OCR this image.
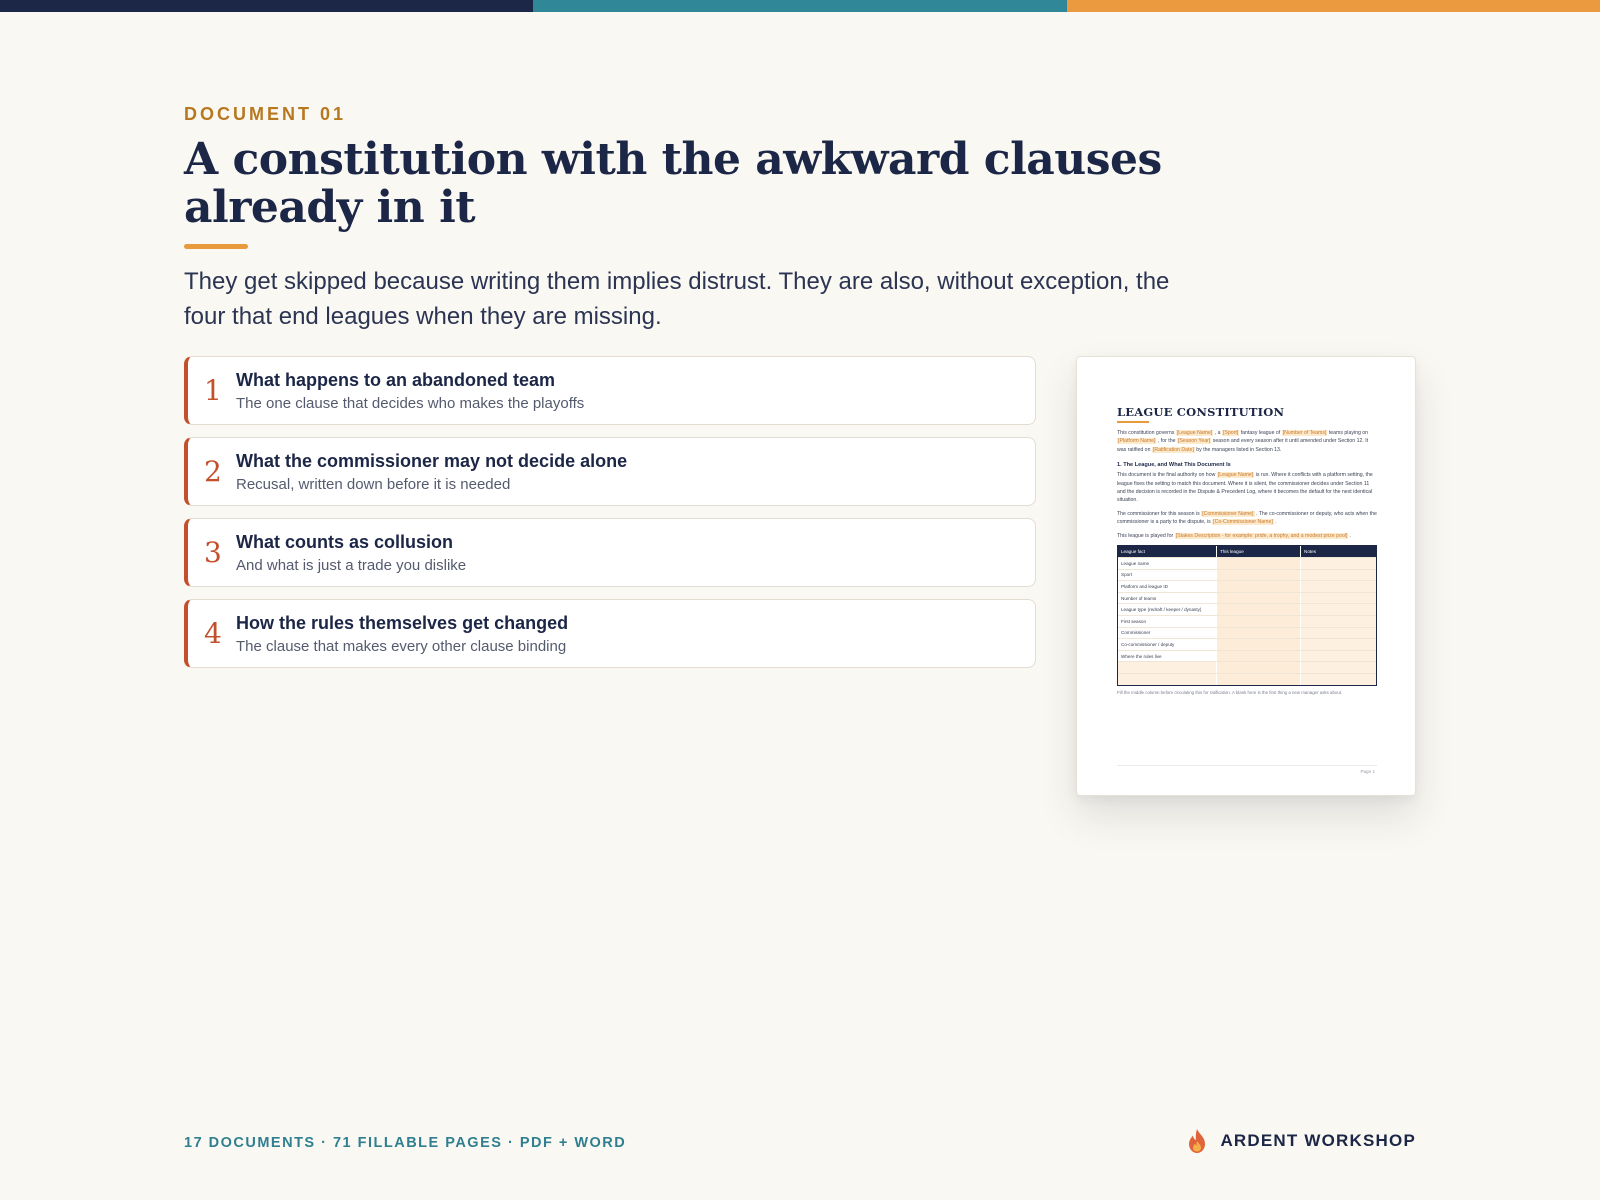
DOCUMENT 01
A constitution with the awkward clauses already in it

They get skipped because writing them implies distrust. They are also, without exception, the four that end leagues when they are missing.

1 What happens to an abandoned team
The one clause that decides who makes the playoffs
2 What the commissioner may not decide alone
Recusal, written down before it is needed
3 What counts as collusion
And what is just a trade you dislike
4 How the rules themselves get changed
The clause that makes every other clause binding
LEAGUE CONSTITUTION

This constitution governs [League Name] , a [Sport] fantasy league of [Number of Teams] teams playing on [Platform Name] , for the [Season Year] season and every season after it until amended under Section 12. It was ratified on [Ratification Date] by the managers listed in Section 13.

1. The League, and What This Document Is

This document is the final authority on how [League Name] is run. Where it conflicts with a platform setting, the league fixes the setting to match this document. Where it is silent, the commissioner decides under Section 11 and the decision is recorded in the Dispute & Precedent Log, where it becomes the default for the next identical situation.

The commissioner for this season is [Commissioner Name] . The co-commissioner or deputy, who acts when the commissioner is a party to the dispute, is [Co-Commissioner Name] .

This league is played for [Stakes Description - for example: pride, a trophy, and a modest prize pool] .

League fact	This league	Notes
League name
Sport
Platform and league ID
Number of teams
League type (redraft / keeper / dynasty)
First season
Commissioner
Co-commissioner / deputy
Where the rules live
Fill the middle column before circulating this for ratification. A blank here is the first thing a new manager asks about.
Page 1
17 DOCUMENTS · 71 FILLABLE PAGES · PDF + WORD	ARDENT WORKSHOP
